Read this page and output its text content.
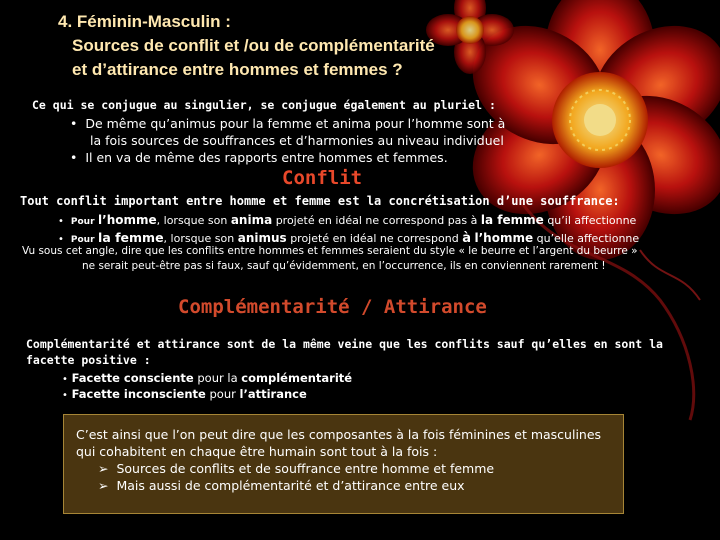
4. Féminin-Masculin :
Sources de conflit et /ou de complémentarité
et d’attirance entre hommes et femmes ?
Ce qui se conjugue au singulier, se conjugue également au pluriel :
• De même qu’animus pour la femme et anima pour l’homme sont à
la fois sources de souffrances et d’harmonies au niveau individuel
• Il en va de même des rapports entre hommes et femmes.
Conflit
Tout conflit important entre homme et femme est la concrétisation d’une souffrance:
• Pour l’homme, lorsque son anima projeté en idéal ne correspond pas à la femme qu’il affectionne
• Pour la femme, lorsque son animus projeté en idéal ne correspond à l’homme qu’elle affectionne
Vu sous cet angle, dire que les conflits entre hommes et femmes seraient du style « le beurre et l’argent du beurre »
ne serait peut-être pas si faux, sauf qu’évidemment, en l’occurrence, ils en conviennent rarement !
Complémentarité / Attirance
Complémentarité et attirance sont de la même veine que les conflits sauf qu’elles en sont la
facette positive :
• Facette consciente pour la complémentarité
• Facette inconsciente pour l’attirance
C’est ainsi que l’on peut dire que les composantes à la fois féminines et masculines
qui cohabitent en chaque être humain sont tout à la fois :
➢ Sources de conflits et de souffrance entre homme et femme
➢ Mais aussi de complémentarité et d’attirance entre eux
